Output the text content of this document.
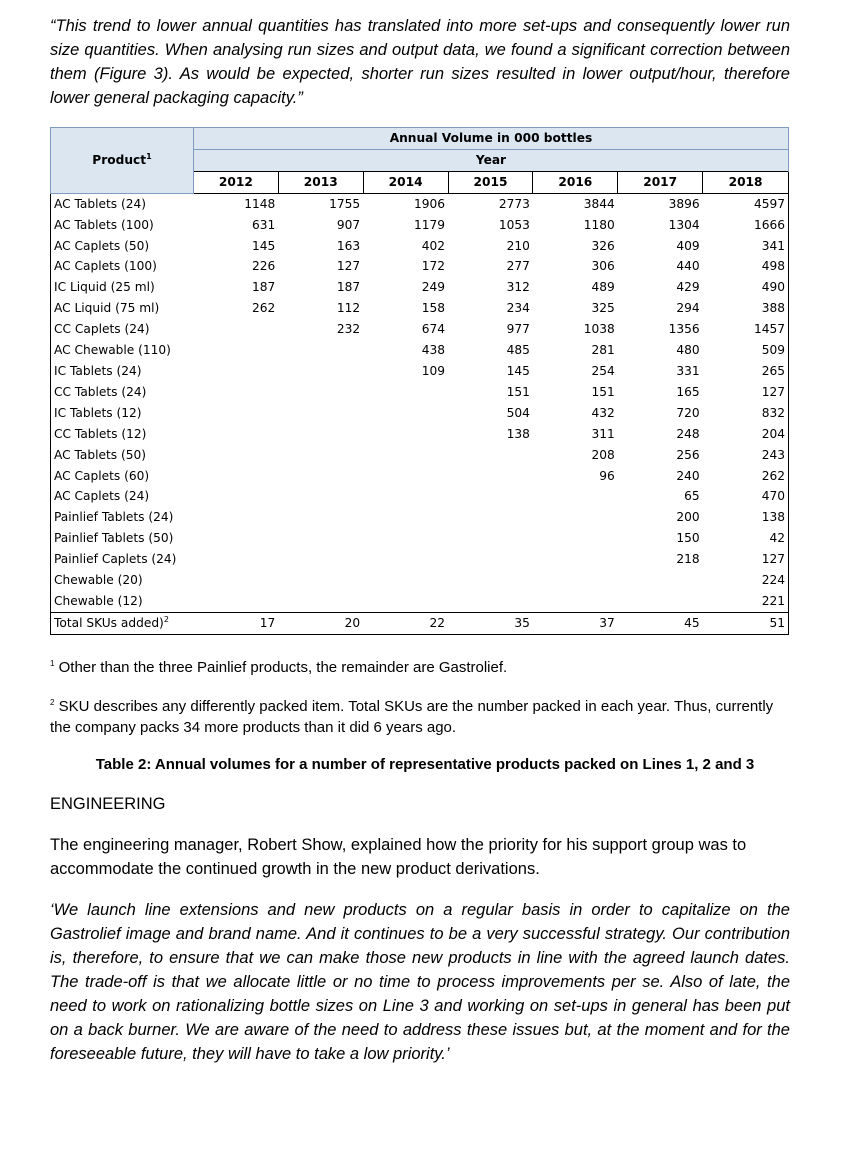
“This trend to lower annual quantities has translated into more set-ups and consequently lower run size quantities. When analysing run sizes and output data, we found a significant correction between them (Figure 3). As would be expected, shorter run sizes resulted in lower output/hour, therefore lower general packaging capacity.”

Product$^1$	Annual Volume in 000 bottles						
	Year						
	2012	2013	2014	2015	2016	2017	2018
AC Tablets (24)	1148	1755	1906	2773	3844	3896	4597
AC Tablets (100)	631	907	1179	1053	1180	1304	1666
AC Caplets (50)	145	163	402	210	326	409	341
AC Caplets (100)	226	127	172	277	306	440	498
IC Liquid (25 ml)	187	187	249	312	489	429	490
AC Liquid (75 ml)	262	112	158	234	325	294	388
CC Caplets (24)		232	674	977	1038	1356	1457
AC Chewable (110)			438	485	281	480	509
IC Tablets (24)			109	145	254	331	265
CC Tablets (24)				151	151	165	127
IC Tablets (12)				504	432	720	832
CC Tablets (12)				138	311	248	204
AC Tablets (50)					208	256	243
AC Caplets (60)					96	240	262
AC Caplets (24)						65	470
Painlief Tablets (24)						200	138
Painlief Tablets (50)						150	42
Painlief Caplets (24)						218	127
Chewable (20)							224
Chewable (12)							221
Total SKUs added)$^2$	17	20	22	35	37	45	51

$^1$ Other than the three Painlief products, the remainder are Gastrolief.

$^2$ SKU describes any differently packed item. Total SKUs are the number packed in each year. Thus, currently the company packs 34 more products than it did 6 years ago.

Table 2: Annual volumes for a number of representative products packed on Lines 1, 2 and 3

ENGINEERING

The engineering manager, Robert Show, explained how the priority for his support group was to accommodate the continued growth in the new product derivations.

‘We launch line extensions and new products on a regular basis in order to capitalize on the Gastrolief image and brand name. And it continues to be a very successful strategy. Our contribution is, therefore, to ensure that we can make those new products in line with the agreed launch dates. The trade-off is that we allocate little or no time to process improvements per se. Also of late, the need to work on rationalizing bottle sizes on Line 3 and working on set-ups in general has been put on a back burner. We are aware of the need to address these issues but, at the moment and for the foreseeable future, they will have to take a low priority.’
